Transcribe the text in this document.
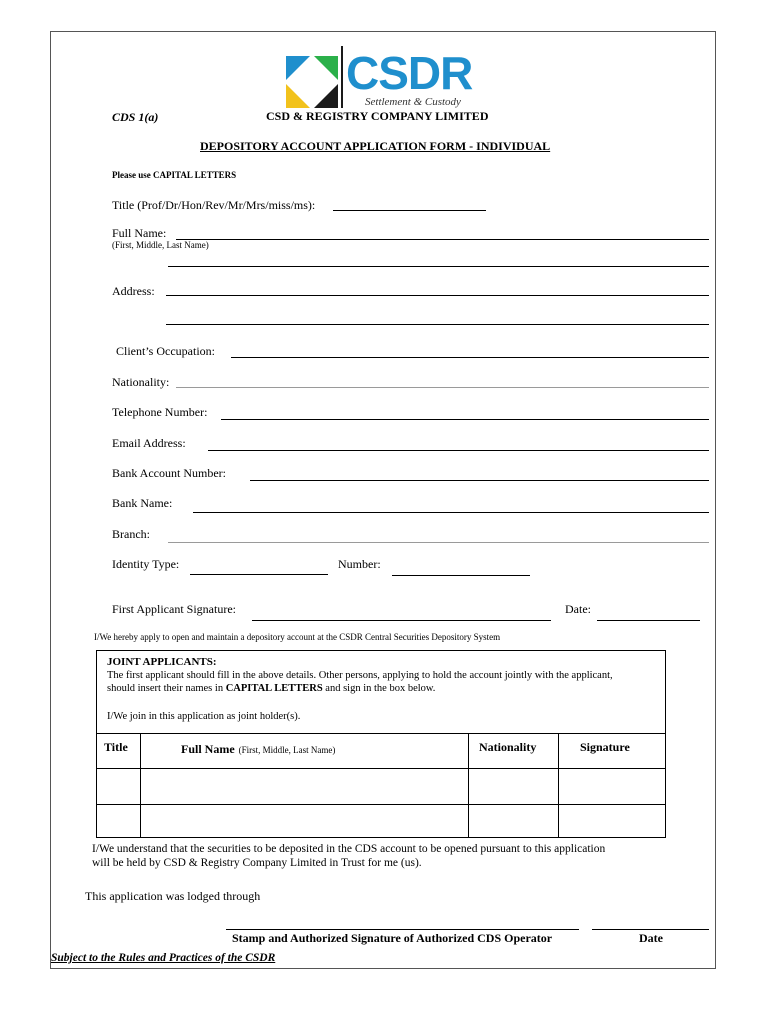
CSDR
Settlement & Custody
CDS 1(a)	CSD & REGISTRY COMPANY LIMITED
DEPOSITORY ACCOUNT APPLICATION FORM - INDIVIDUAL
Please use CAPITAL LETTERS
Title (Prof/Dr/Hon/Rev/Mr/Mrs/miss/ms):
Full Name:
(First, Middle, Last Name)
Address:
Client’s Occupation:
Nationality:
Telephone Number:
Email Address:
Bank Account Number:
Bank Name:
Branch:
Identity Type:	Number:
First Applicant Signature:	Date:
I/We hereby apply to open and maintain a depository account at the CSDR Central Securities Depository System
JOINT APPLICANTS:
The first applicant should fill in the above details. Other persons, applying to hold the account jointly with the applicant,
should insert their names in CAPITAL LETTERS and sign in the box below.
I/We join in this application as joint holder(s).
Title	Full Name (First, Middle, Last Name)	Nationality	Signature
I/We understand that the securities to be deposited in the CDS account to be opened pursuant to this application
will be held by CSD & Registry Company Limited in Trust for me (us).
This application was lodged through
Stamp and Authorized Signature of Authorized CDS Operator	Date
Subject to the Rules and Practices of the CSDR
